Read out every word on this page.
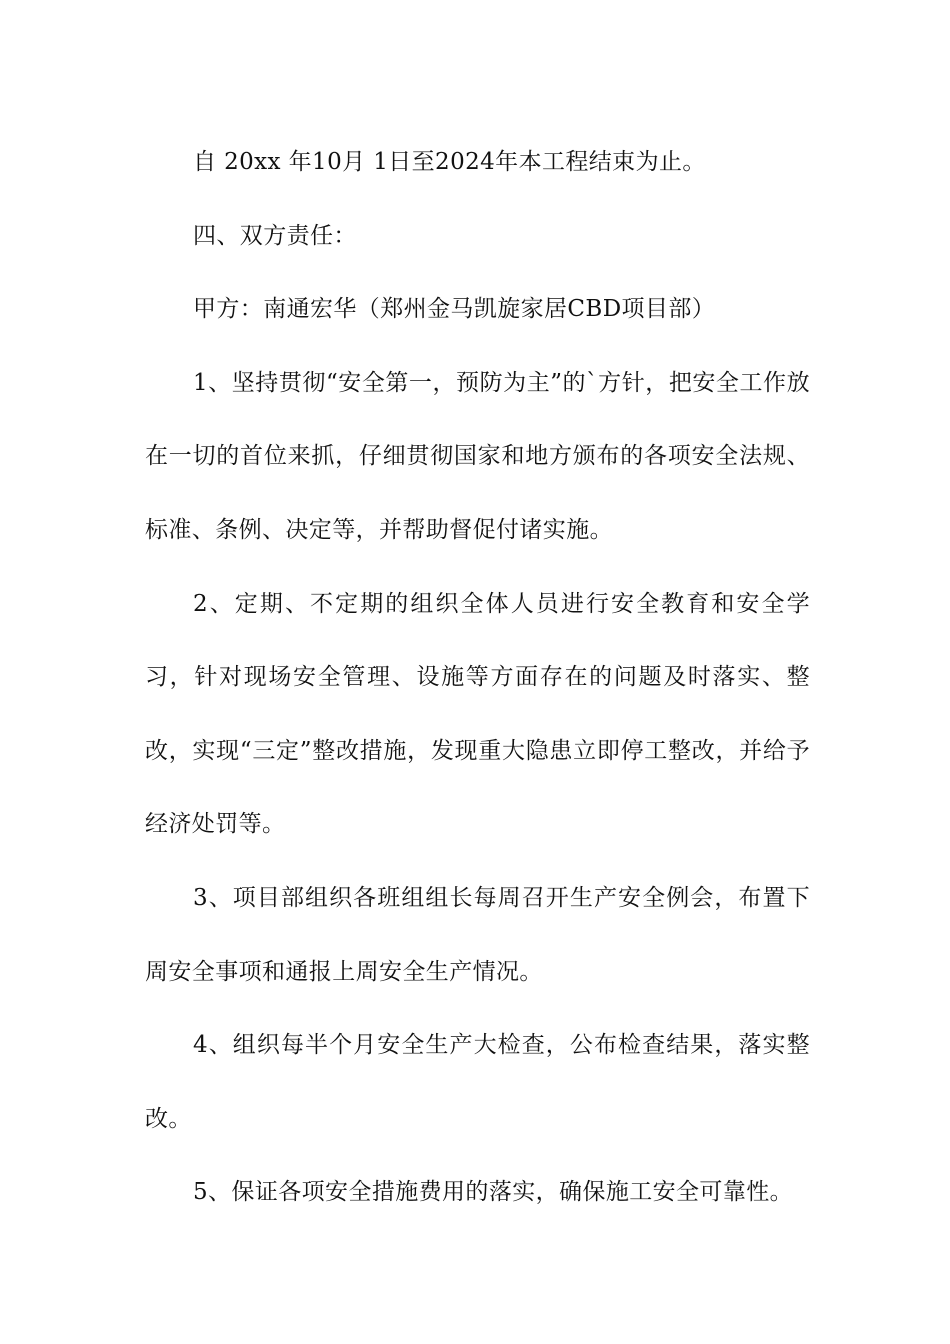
自 20xx 年10月 1日至2024年本工程结束为止。

四、双方责任：

甲方：南通宏华（郑州金马凯旋家居CBD项目部）

1、坚持贯彻“安全第一，预防为主”的`方针，把安全工作放在一切的首位来抓，仔细贯彻国家和地方颁布的各项安全法规、标准、条例、决定等，并帮助督促付诸实施。

2、定期、不定期的组织全体人员进行安全教育和安全学习，针对现场安全管理、设施等方面存在的问题及时落实、整改，实现“三定”整改措施，发现重大隐患立即停工整改，并给予经济处罚等。

3、项目部组织各班组组长每周召开生产安全例会，布置下周安全事项和通报上周安全生产情况。

4、组织每半个月安全生产大检查，公布检查结果，落实整改。

5、保证各项安全措施费用的落实，确保施工安全可靠性。
